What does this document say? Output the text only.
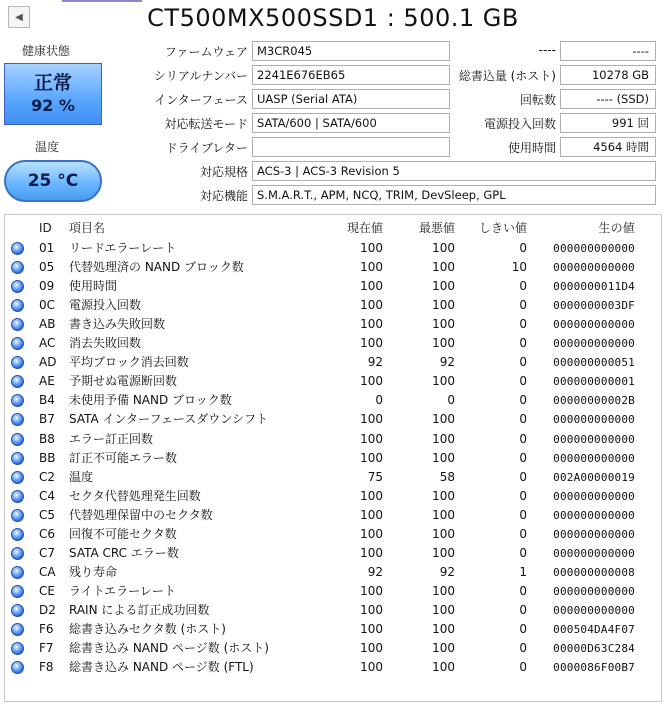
◀	CT500MX500SSD1 : 500.1 GB
健康状態
正常
92 %
温度
25 °C
ファームウェア M3CR045
シリアルナンバー 2241E676EB65
インターフェース UASP (Serial ATA)
対応転送モード SATA/600 | SATA/600
ドライブレター
対応規格 ACS-3 | ACS-3 Revision 5
対応機能 S.M.A.R.T., APM, NCQ, TRIM, DevSleep, GPL
----	----
総書込量 (ホスト)	10278 GB
回転数	---- (SSD)
電源投入回数	991 回
使用時間	4564 時間
ID 項目名	現在値	最悪値	しきい値	生の値
01 リードエラーレート	100	100	0	000000000000
05 代替処理済の NAND ブロック数	100	100	10	000000000000
09 使用時間	100	100	0	0000000011D4
0C 電源投入回数	100	100	0	0000000003DF
AB 書き込み失敗回数	100	100	0	000000000000
AC 消去失敗回数	100	100	0	000000000000
AD 平均ブロック消去回数	92	92	0	000000000051
AE 予期せぬ電源断回数	100	100	0	000000000001
B4 未使用予備 NAND ブロック数	0	0	0	00000000002B
B7 SATA インターフェースダウンシフト	100	100	0	000000000000
B8 エラー訂正回数	100	100	0	000000000000
BB 訂正不可能エラー数	100	100	0	000000000000
C2 温度	75	58	0	002A00000019
C4 セクタ代替処理発生回数	100	100	0	000000000000
C5 代替処理保留中のセクタ数	100	100	0	000000000000
C6 回復不可能セクタ数	100	100	0	000000000000
C7 SATA CRC エラー数	100	100	0	000000000000
CA 残り寿命	92	92	1	000000000008
CE ライトエラーレート	100	100	0	000000000000
D2 RAIN による訂正成功回数	100	100	0	000000000000
F6 総書き込みセクタ数 (ホスト)	100	100	0	000504DA4F07
F7 総書き込み NAND ページ数 (ホスト)	100	100	0	00000D63C284
F8 総書き込み NAND ページ数 (FTL)	100	100	0	0000086F00B7
